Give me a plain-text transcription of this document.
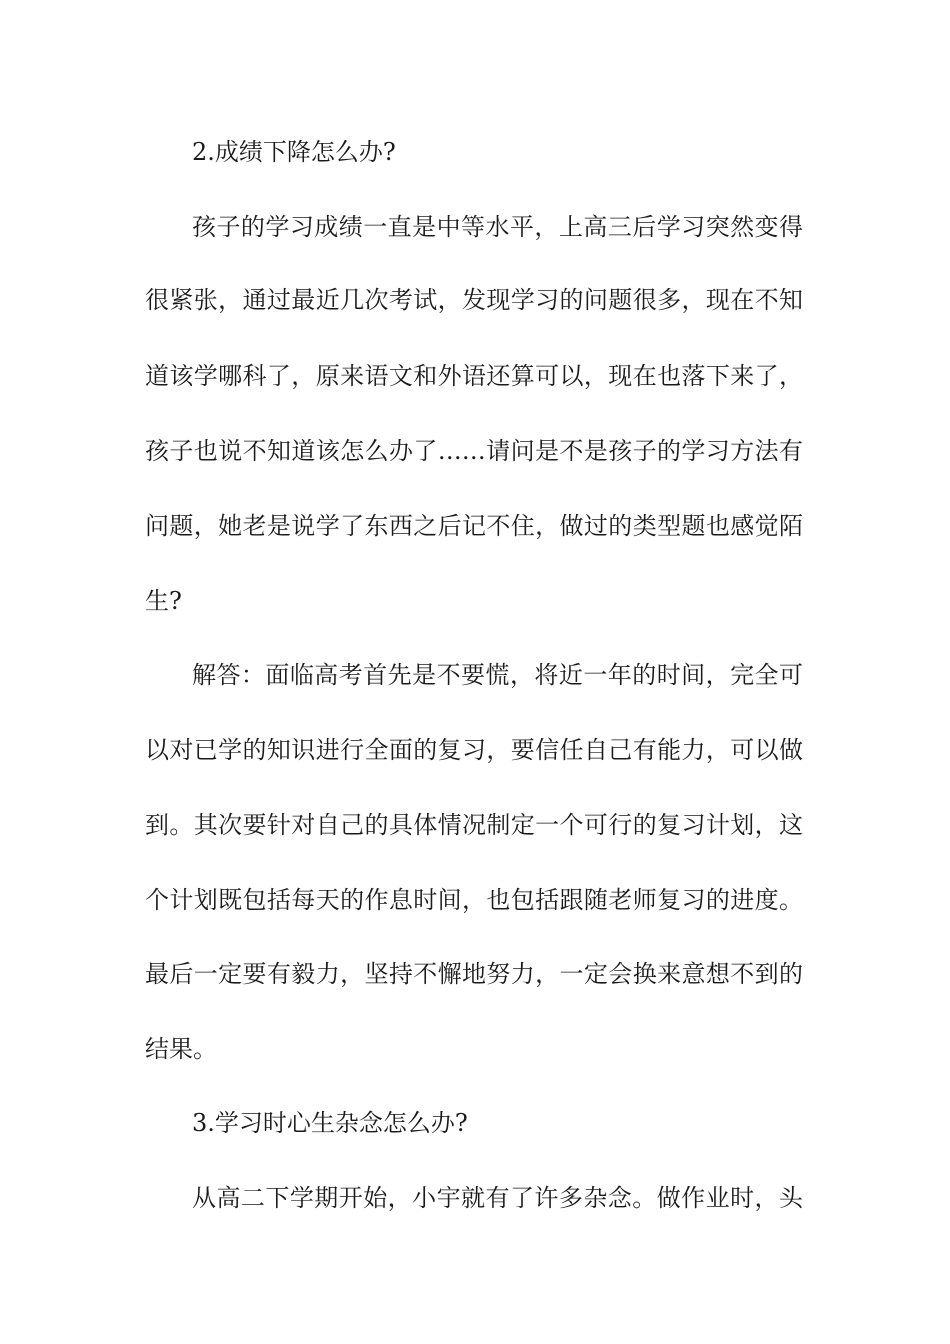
2.成绩下降怎么办?
孩子的学习成绩一直是中等水平，上高三后学习突然变得
很紧张，通过最近几次考试，发现学习的问题很多，现在不知
道该学哪科了，原来语文和外语还算可以，现在也落下来了，
孩子也说不知道该怎么办了……请问是不是孩子的学习方法有
问题，她老是说学了东西之后记不住，做过的类型题也感觉陌
生?
解答：面临高考首先是不要慌，将近一年的时间，完全可
以对已学的知识进行全面的复习，要信任自己有能力，可以做
到。其次要针对自己的具体情况制定一个可行的复习计划，这
个计划既包括每天的作息时间，也包括跟随老师复习的进度。
最后一定要有毅力，坚持不懈地努力，一定会换来意想不到的
结果。
3.学习时心生杂念怎么办?
从高二下学期开始，小宇就有了许多杂念。做作业时，头
